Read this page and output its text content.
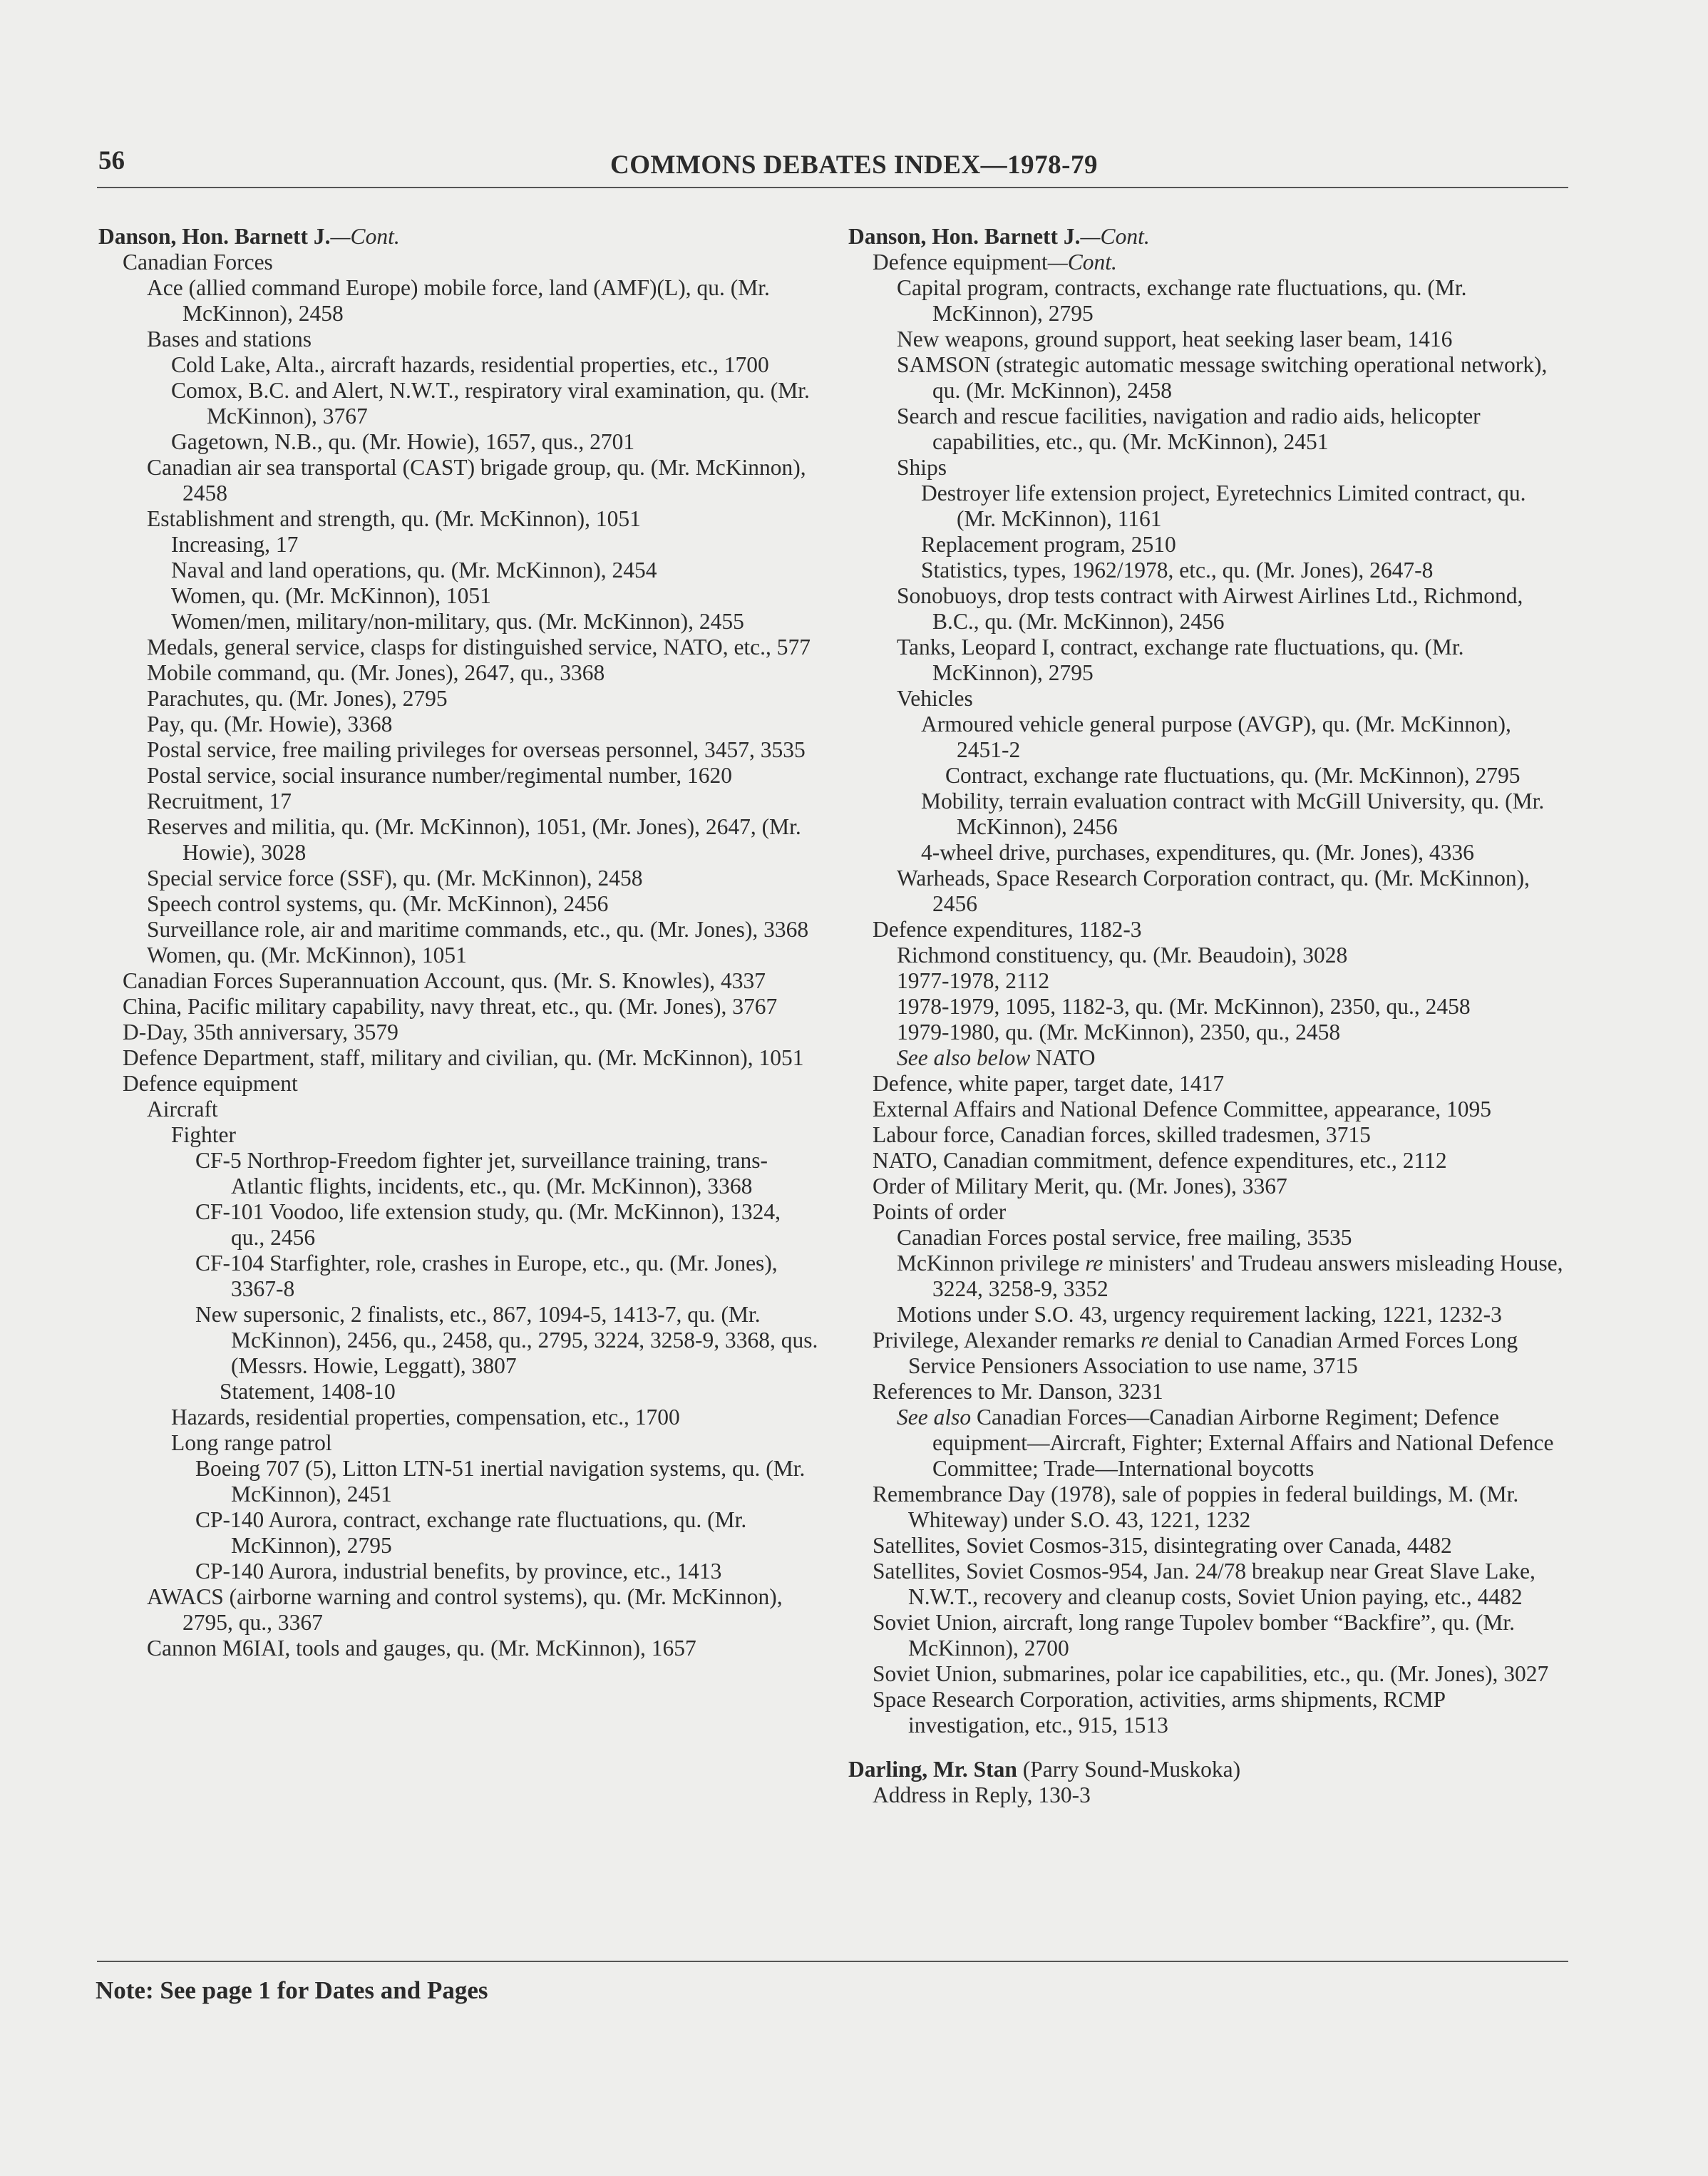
56	COMMONS DEBATES INDEX—1978-79
Danson, Hon. Barnett J.—Cont.
Canadian Forces
Ace (allied command Europe) mobile force, land (AMF)(L), qu. (Mr. McKinnon), 2458
Bases and stations
Cold Lake, Alta., aircraft hazards, residential properties, etc., 1700
Comox, B.C. and Alert, N.W.T., respiratory viral examination, qu. (Mr. McKinnon), 3767
Gagetown, N.B., qu. (Mr. Howie), 1657, qus., 2701
Canadian air sea transportal (CAST) brigade group, qu. (Mr. McKinnon), 2458
Establishment and strength, qu. (Mr. McKinnon), 1051
Increasing, 17
Naval and land operations, qu. (Mr. McKinnon), 2454
Women, qu. (Mr. McKinnon), 1051
Women/men, military/non-military, qus. (Mr. McKinnon), 2455
Medals, general service, clasps for distinguished service, NATO, etc., 577
Mobile command, qu. (Mr. Jones), 2647, qu., 3368
Parachutes, qu. (Mr. Jones), 2795
Pay, qu. (Mr. Howie), 3368
Postal service, free mailing privileges for overseas personnel, 3457, 3535
Postal service, social insurance number/regimental number, 1620
Recruitment, 17
Reserves and militia, qu. (Mr. McKinnon), 1051, (Mr. Jones), 2647, (Mr. Howie), 3028
Special service force (SSF), qu. (Mr. McKinnon), 2458
Speech control systems, qu. (Mr. McKinnon), 2456
Surveillance role, air and maritime commands, etc., qu. (Mr. Jones), 3368
Women, qu. (Mr. McKinnon), 1051
Canadian Forces Superannuation Account, qus. (Mr. S. Knowles), 4337
China, Pacific military capability, navy threat, etc., qu. (Mr. Jones), 3767
D-Day, 35th anniversary, 3579
Defence Department, staff, military and civilian, qu. (Mr. McKinnon), 1051
Defence equipment
Aircraft
Fighter
CF-5 Northrop-Freedom fighter jet, surveillance training, trans-Atlantic flights, incidents, etc., qu. (Mr. McKinnon), 3368
CF-101 Voodoo, life extension study, qu. (Mr. McKinnon), 1324, qu., 2456
CF-104 Starfighter, role, crashes in Europe, etc., qu. (Mr. Jones), 3367-8
New supersonic, 2 finalists, etc., 867, 1094-5, 1413-7, qu. (Mr. McKinnon), 2456, qu., 2458, qu., 2795, 3224, 3258-9, 3368, qus. (Messrs. Howie, Leggatt), 3807
Statement, 1408-10
Hazards, residential properties, compensation, etc., 1700
Long range patrol
Boeing 707 (5), Litton LTN-51 inertial navigation systems, qu. (Mr. McKinnon), 2451
CP-140 Aurora, contract, exchange rate fluctuations, qu. (Mr. McKinnon), 2795
CP-140 Aurora, industrial benefits, by province, etc., 1413
AWACS (airborne warning and control systems), qu. (Mr. McKinnon), 2795, qu., 3367
Cannon M6IAI, tools and gauges, qu. (Mr. McKinnon), 1657
Danson, Hon. Barnett J.—Cont.
Defence equipment—Cont.
Capital program, contracts, exchange rate fluctuations, qu. (Mr. McKinnon), 2795
New weapons, ground support, heat seeking laser beam, 1416
SAMSON (strategic automatic message switching operational network), qu. (Mr. McKinnon), 2458
Search and rescue facilities, navigation and radio aids, helicopter capabilities, etc., qu. (Mr. McKinnon), 2451
Ships
Destroyer life extension project, Eyretechnics Limited contract, qu. (Mr. McKinnon), 1161
Replacement program, 2510
Statistics, types, 1962/1978, etc., qu. (Mr. Jones), 2647-8
Sonobuoys, drop tests contract with Airwest Airlines Ltd., Richmond, B.C., qu. (Mr. McKinnon), 2456
Tanks, Leopard I, contract, exchange rate fluctuations, qu. (Mr. McKinnon), 2795
Vehicles
Armoured vehicle general purpose (AVGP), qu. (Mr. McKinnon), 2451-2
Contract, exchange rate fluctuations, qu. (Mr. McKinnon), 2795
Mobility, terrain evaluation contract with McGill University, qu. (Mr. McKinnon), 2456
4-wheel drive, purchases, expenditures, qu. (Mr. Jones), 4336
Warheads, Space Research Corporation contract, qu. (Mr. McKinnon), 2456
Defence expenditures, 1182-3
Richmond constituency, qu. (Mr. Beaudoin), 3028
1977-1978, 2112
1978-1979, 1095, 1182-3, qu. (Mr. McKinnon), 2350, qu., 2458
1979-1980, qu. (Mr. McKinnon), 2350, qu., 2458
See also below NATO
Defence, white paper, target date, 1417
External Affairs and National Defence Committee, appearance, 1095
Labour force, Canadian forces, skilled tradesmen, 3715
NATO, Canadian commitment, defence expenditures, etc., 2112
Order of Military Merit, qu. (Mr. Jones), 3367
Points of order
Canadian Forces postal service, free mailing, 3535
McKinnon privilege re ministers' and Trudeau answers misleading House, 3224, 3258-9, 3352
Motions under S.O. 43, urgency requirement lacking, 1221, 1232-3
Privilege, Alexander remarks re denial to Canadian Armed Forces Long Service Pensioners Association to use name, 3715
References to Mr. Danson, 3231
See also Canadian Forces—Canadian Airborne Regiment; Defence equipment—Aircraft, Fighter; External Affairs and National Defence Committee; Trade—International boycotts
Remembrance Day (1978), sale of poppies in federal buildings, M. (Mr. Whiteway) under S.O. 43, 1221, 1232
Satellites, Soviet Cosmos-315, disintegrating over Canada, 4482
Satellites, Soviet Cosmos-954, Jan. 24/78 breakup near Great Slave Lake, N.W.T., recovery and cleanup costs, Soviet Union paying, etc., 4482
Soviet Union, aircraft, long range Tupolev bomber “Backfire”, qu. (Mr. McKinnon), 2700
Soviet Union, submarines, polar ice capabilities, etc., qu. (Mr. Jones), 3027
Space Research Corporation, activities, arms shipments, RCMP investigation, etc., 915, 1513
Darling, Mr. Stan (Parry Sound-Muskoka)
Address in Reply, 130-3
Note: See page 1 for Dates and Pages
